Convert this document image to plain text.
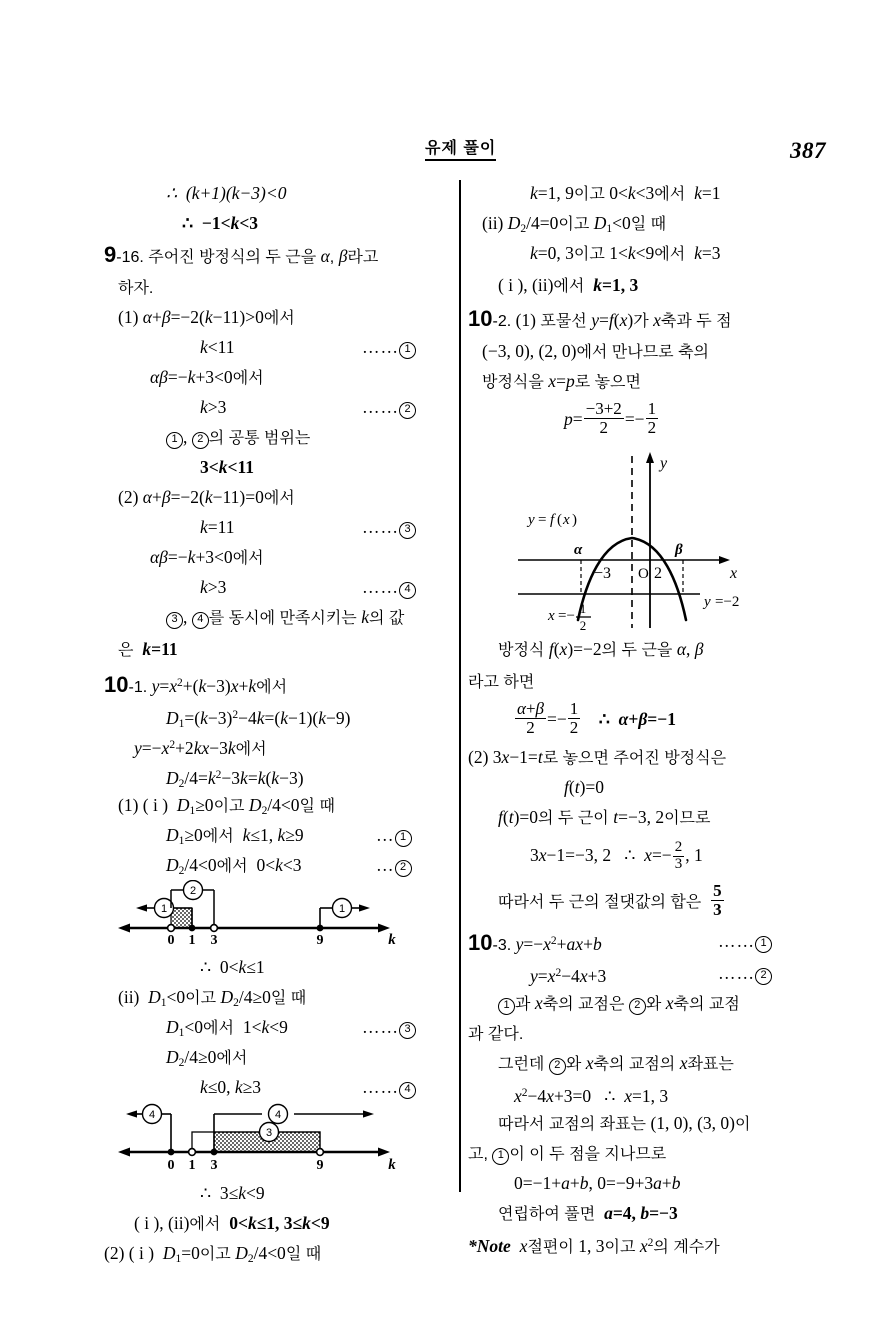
유제 풀이	387
∴  (k+1)(k−3)<0
∴  −1<k<3
9-16. 주어진 방정식의 두 근을 α, β라고
하자.
(1) α+β=−2(k−11)>0에서
k<11	…… 1
αβ=−k+3<0에서
k>3	…… 2
1 , 2 의 공통 범위는
3<k<11
(2) α+β=−2(k−11)=0에서
k=11	…… 3
αβ=−k+3<0에서
k>3	…… 4
3 , 4 를 동시에 만족시키는 k의 값
은  k=11
10-1. $y=x^2+(k-3)x+k$에서
$D_1=(k-3)^2-4k=(k-1)(k-9)$
$y=-x^2+2kx-3k$에서
$D_2/4=k^2-3k=k(k-3)$
(1) ( i )  $D_1\ge 0$이고 $D_2/4<0$일 때
$D_1\ge 0$에서  k≤1, k≥9	… 1
$D_2/4<0$에서  0<k<3	… 2
1
2
1
0 1 3	9	k
∴  0<k≤1
(ii)  $D_1<0$이고 $D_2/4\ge 0$일 때
$D_1<0$에서  1<k<9	…… 3
$D_2/4\ge 0$에서
k≤0, k≥3	…… 4
3
4	4
0 1 3	9	k
∴  3≤k<9
( i ), (ii)에서  0<k≤1, 3≤k<9
(2) ( i )  $D_1=0$이고 $D_2/4<0$일 때
k=1, 9이고 0<k<3에서  k=1
(ii) $D_2/4=0$이고 $D_1<0$일 때
k=0, 3이고 1<k<9에서  k=3
( i ), (ii)에서  k=1, 3
10-2. (1) 포물선 y=f(x)가 x축과 두 점
(−3, 0), (2, 0)에서 만나므로 축의
방정식을 x=p로 놓으면
$p= \frac{-3+2}{2} =- \frac{1}{2}$
y
x
y =−2
y = f ( x )
α	β
−3 O 2
x =− 1
2
방정식 f(x)=−2의 두 근을 α, β
라고 하면
$\frac{\alpha+\beta}{2} =- \frac{1}{2}$ ∴  α+β=−1
(2) 3x−1=t로 놓으면 주어진 방정식은
f(t)=0
f(t)=0의 두 근이 t=−3, 2이므로
3x−1=−3, 2   ∴  $x=- \frac{2}{3}$ , 1
따라서 두 근의 절댓값의 합은 $\frac{5}{3}$
10-3. $y=-x^2+ax+b$	…… 1
$y=x^2-4x+3$	…… 2
1 과 x축의 교점은 2 와 x축의 교점
과 같다.
그런데 2 와 x축의 교점의 x좌표는
$x^2-4x+3=0$   ∴  x=1, 3
따라서 교점의 좌표는 (1, 0), (3, 0)이
고, 1 이 이 두 점을 지나므로
0=−1+a+b, 0=−9+3a+b
연립하여 풀면  a=4, b=−3
*Note x절편이 1, 3이고 $x^2$의 계수가
